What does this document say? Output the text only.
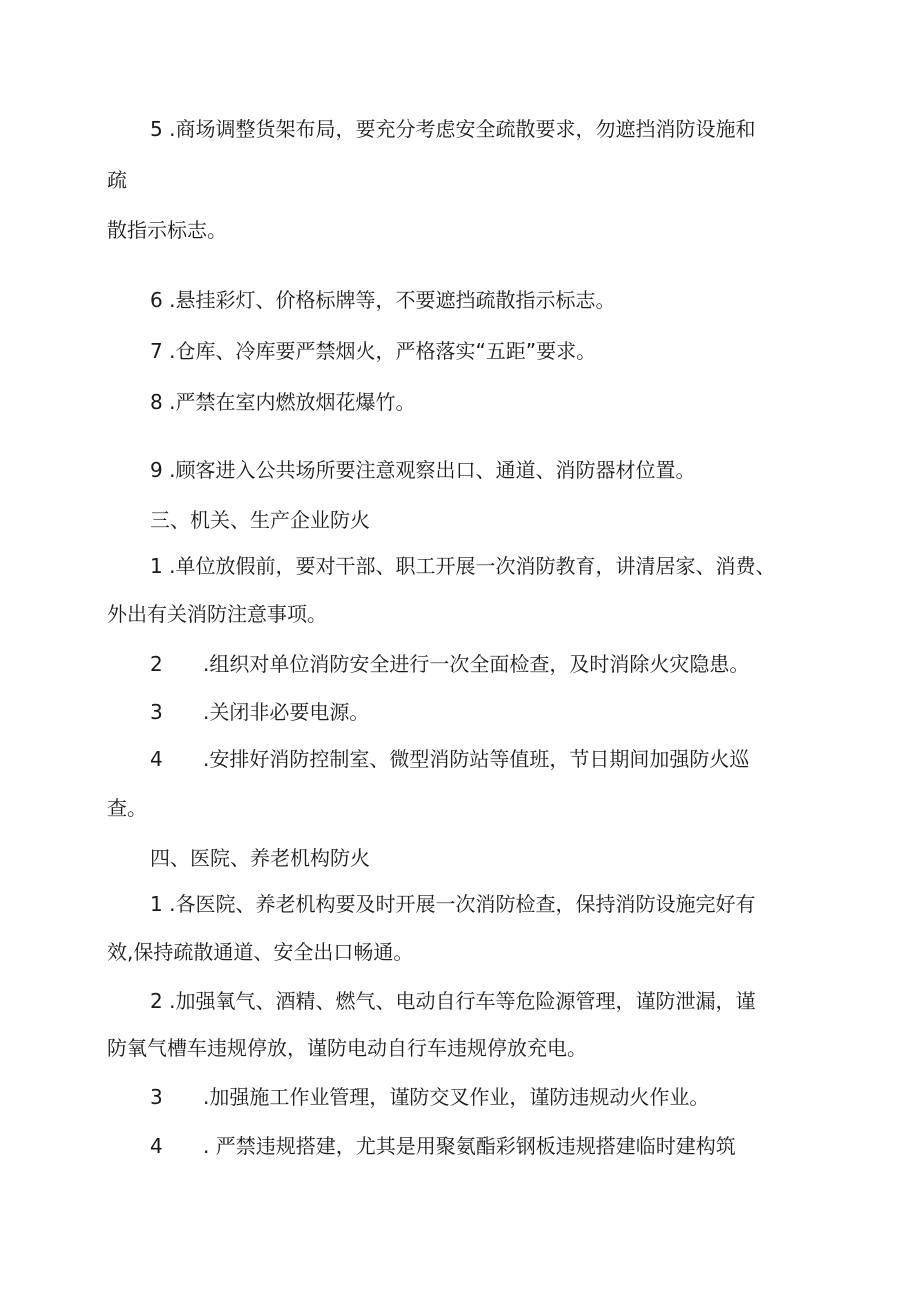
5 .商场调整货架布局，要充分考虑安全疏散要求，勿遮挡消防设施和
疏
散指示标志。
6 .悬挂彩灯、价格标牌等，不要遮挡疏散指示标志。
7 .仓库、冷库要严禁烟火，严格落实“五距”要求。
8 .严禁在室内燃放烟花爆竹。
9 .顾客进入公共场所要注意观察出口、通道、消防器材位置。
三、机关、生产企业防火
1 .单位放假前，要对干部、职工开展一次消防教育，讲清居家、消费、
外出有关消防注意事项。
2 .组织对单位消防安全进行一次全面检查，及时消除火灾隐患。
3 .关闭非必要电源。
4 .安排好消防控制室、微型消防站等值班，节日期间加强防火巡
查。
四、医院、养老机构防火
1 .各医院、养老机构要及时开展一次消防检查，保持消防设施完好有
效,保持疏散通道、安全出口畅通。
2 .加强氧气、酒精、燃气、电动自行车等危险源管理，谨防泄漏，谨
防氧气槽车违规停放，谨防电动自行车违规停放充电。
3 .加强施工作业管理，谨防交叉作业，谨防违规动火作业。
4 . 严禁违规搭建，尤其是用聚氨酯彩钢板违规搭建临时建构筑
